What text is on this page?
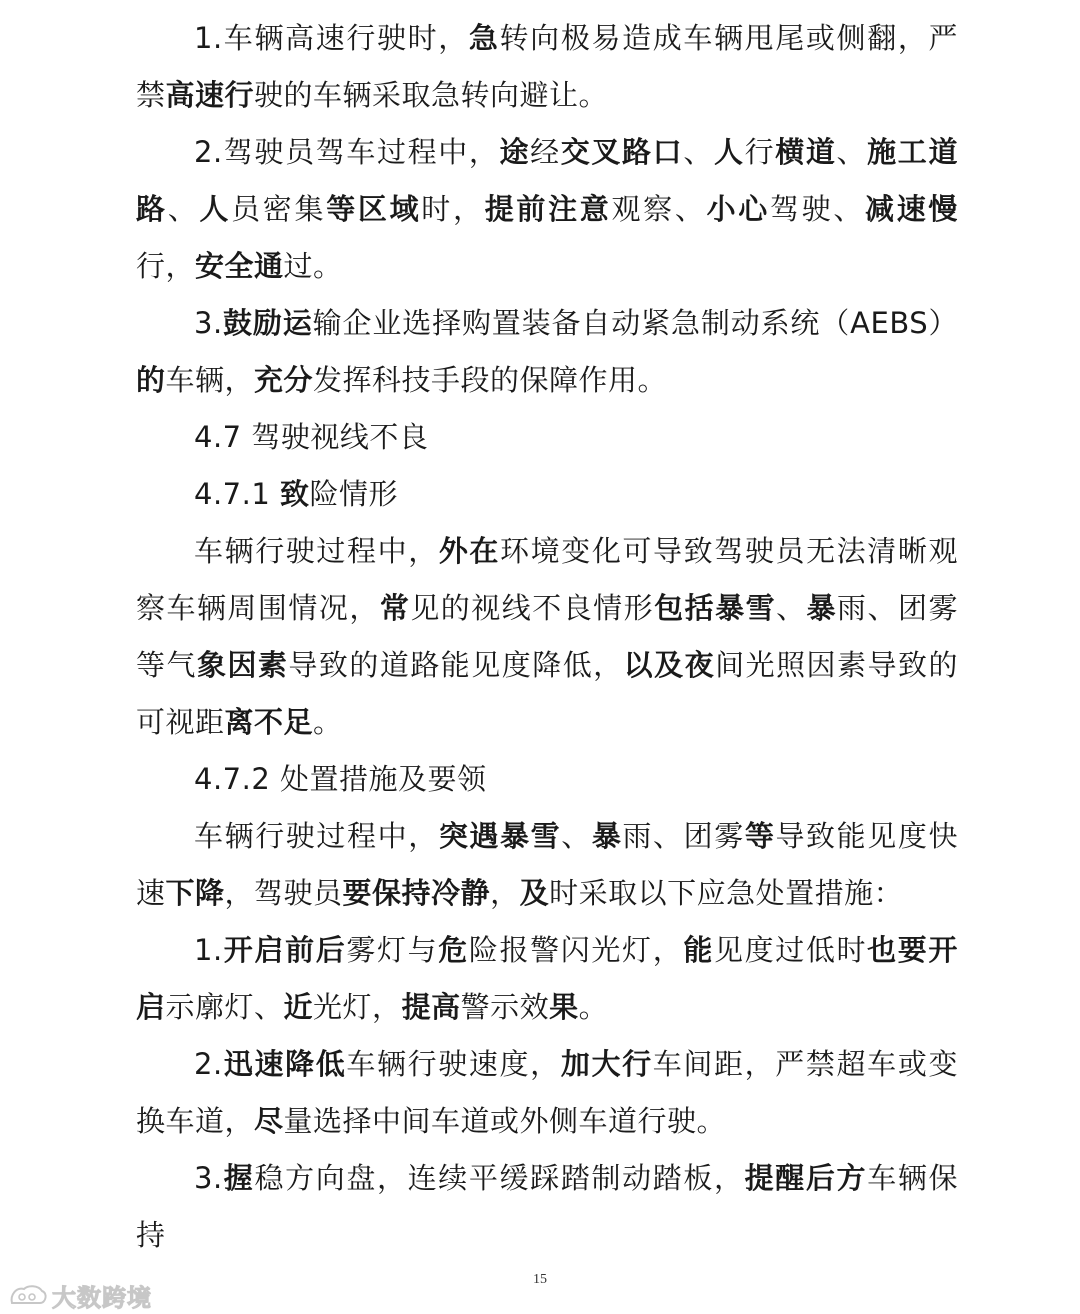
1.车辆高速行驶时，急转向极易造成车辆甩尾或侧翻，严禁高速行驶的车辆采取急转向避让。

2.驾驶员驾车过程中，途经交叉路口、人行横道、施工道路、人员密集等区域时，提前注意观察、小心驾驶、减速慢行，安全通过。

3.鼓励运输企业选择购置装备自动紧急制动系统（AEBS）的车辆，充分发挥科技手段的保障作用。

4.7 驾驶视线不良

4.7.1 致险情形

车辆行驶过程中，外在环境变化可导致驾驶员无法清晰观察车辆周围情况，常见的视线不良情形包括暴雪、暴雨、团雾等气象因素导致的道路能见度降低，以及夜间光照因素导致的可视距离不足。

4.7.2 处置措施及要领

车辆行驶过程中，突遇暴雪、暴雨、团雾等导致能见度快速下降，驾驶员要保持冷静，及时采取以下应急处置措施：

1.开启前后雾灯与危险报警闪光灯，能见度过低时也要开启示廓灯、近光灯，提高警示效果。

2.迅速降低车辆行驶速度，加大行车间距，严禁超车或变换车道，尽量选择中间车道或外侧车道行驶。

3.握稳方向盘，连续平缓踩踏制动踏板，提醒后方车辆保持

15
大数跨境
